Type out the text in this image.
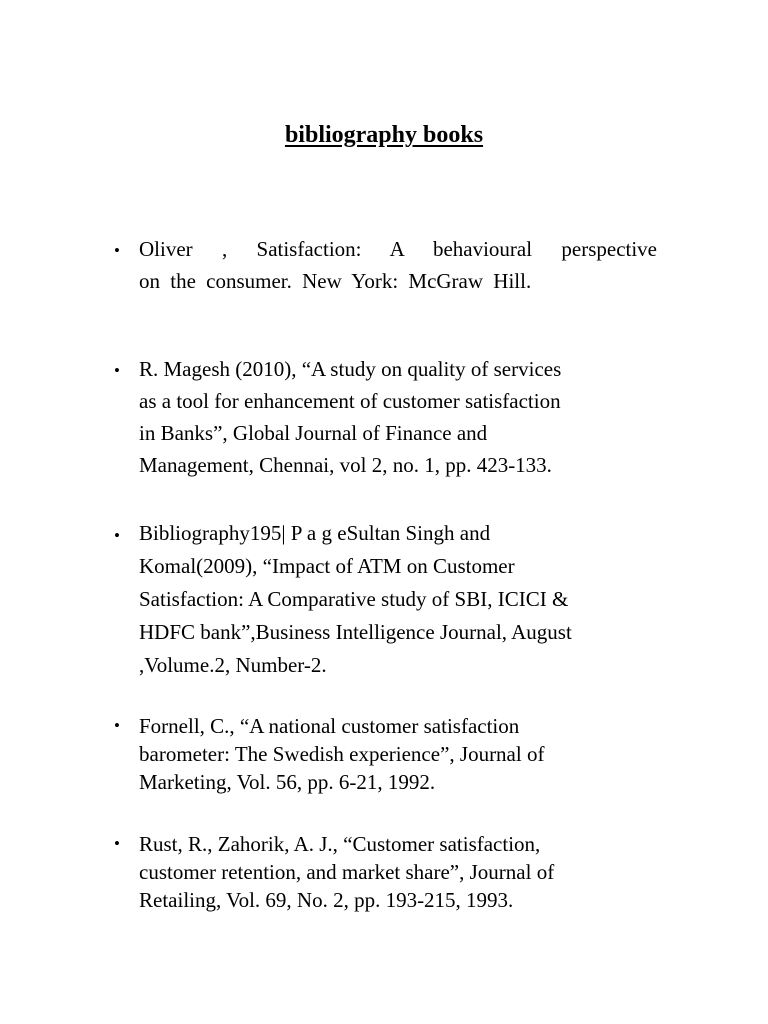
bibliography books
• Oliver , Satisfaction: A behavioural perspective
on the consumer. New York: McGraw Hill.
• R. Magesh (2010), “A study on quality of services
as a tool for enhancement of customer satisfaction
in Banks”, Global Journal of Finance and
Management, Chennai, vol 2, no. 1, pp. 423-133.
• Bibliography195| P a g eSultan Singh and
Komal(2009), “Impact of ATM on Customer
Satisfaction: A Comparative study of SBI, ICICI &
HDFC bank”,Business Intelligence Journal, August
,Volume.2, Number-2.
• Fornell, C., “A national customer satisfaction
barometer: The Swedish experience”, Journal of
Marketing, Vol. 56, pp. 6-21, 1992.
• Rust, R., Zahorik, A. J., “Customer satisfaction,
customer retention, and market share”, Journal of
Retailing, Vol. 69, No. 2, pp. 193-215, 1993.
